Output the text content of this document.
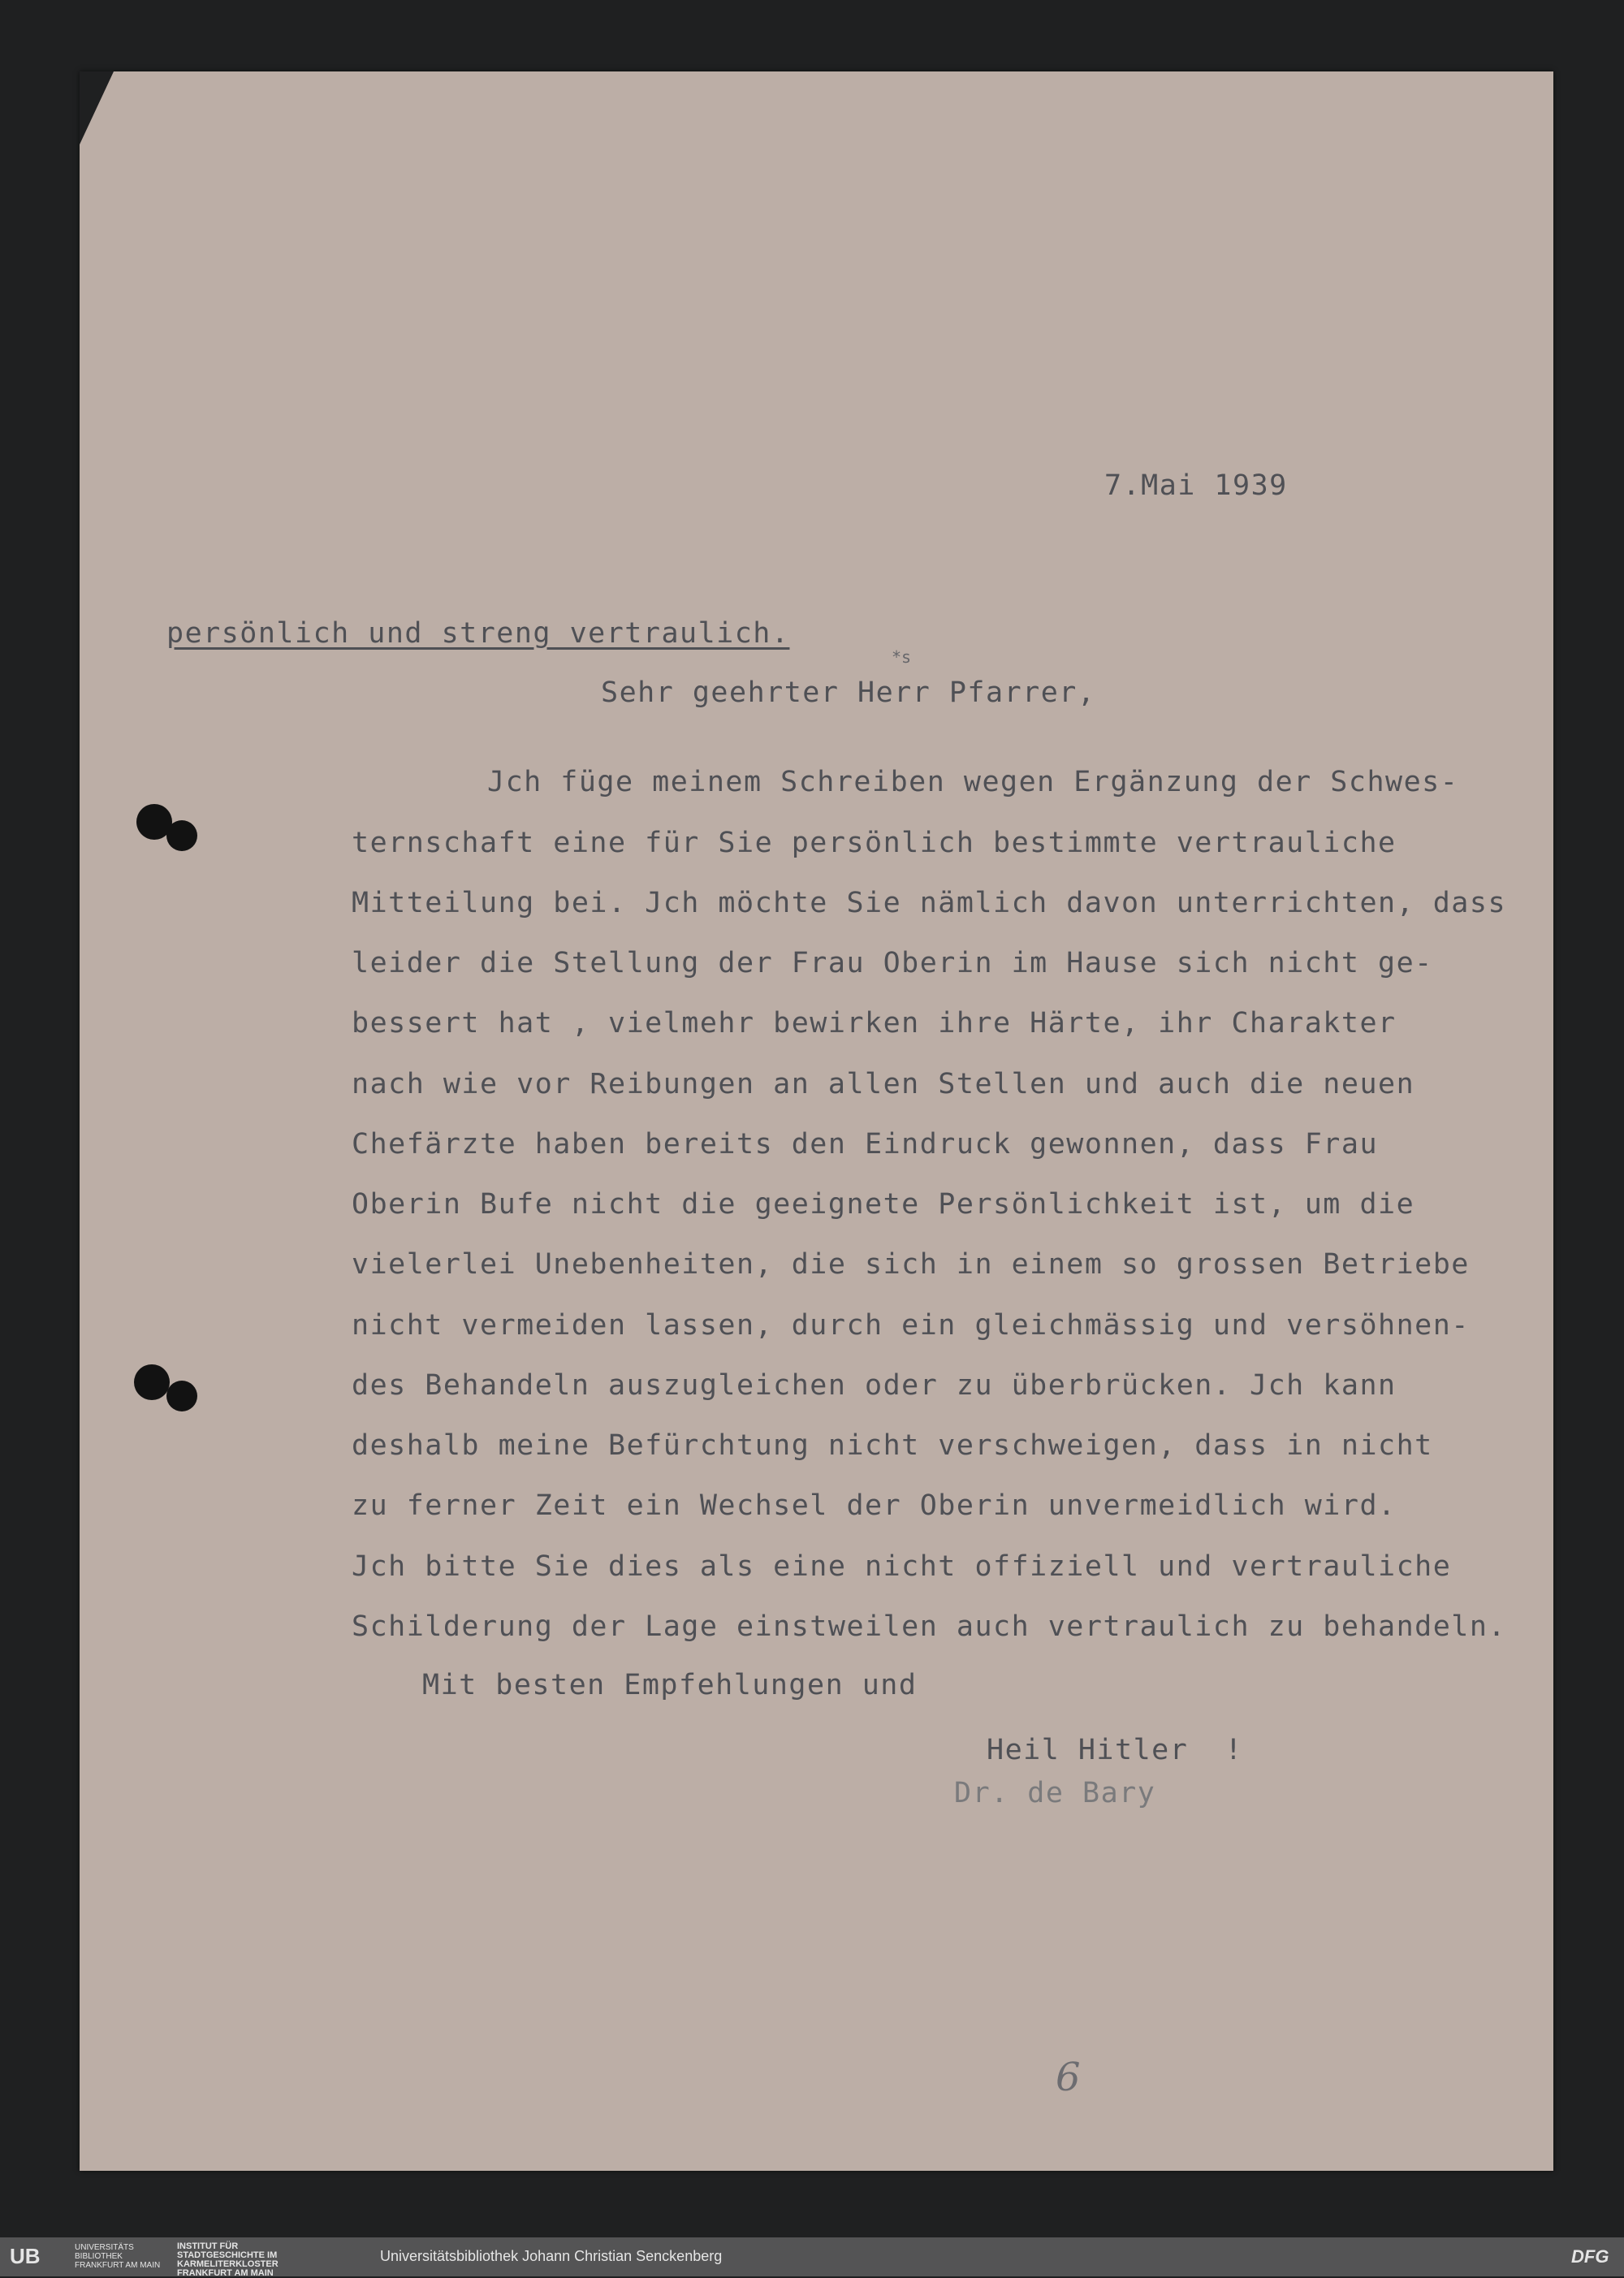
7.Mai 1939
persönlich und streng vertraulich.
*s
Sehr geehrter Herr Pfarrer,
Jch füge meinem Schreiben wegen Ergänzung der Schwes-
ternschaft eine für Sie persönlich bestimmte vertrauliche
Mitteilung bei. Jch möchte Sie nämlich davon unterrichten, dass
leider die Stellung der Frau Oberin im Hause sich nicht ge-
bessert hat , vielmehr bewirken ihre Härte, ihr Charakter
nach wie vor Reibungen an allen Stellen und auch die neuen
Chefärzte haben bereits den Eindruck gewonnen, dass Frau
Oberin Bufe nicht die geeignete Persönlichkeit ist, um die
vielerlei Unebenheiten, die sich in einem so grossen Betriebe
nicht vermeiden lassen, durch ein gleichmässig und versöhnen-
des Behandeln auszugleichen oder zu überbrücken. Jch kann
deshalb meine Befürchtung nicht verschweigen, dass in nicht
zu ferner Zeit ein Wechsel der Oberin unvermeidlich wird.
Jch bitte Sie dies als eine nicht offiziell und vertrauliche
Schilderung der Lage einstweilen auch vertraulich zu behandeln.
Mit besten Empfehlungen und
Heil Hitler  !
Dr. de Bary
6
UB	UNIVERSITÄTS BIBLIOTHEK FRANKFURT AM MAIN
INSTITUT FÜR STADTGESCHICHTE IM KARMELITERKLOSTER FRANKFURT AM MAIN
Universitätsbibliothek Johann Christian Senckenberg	DFG
